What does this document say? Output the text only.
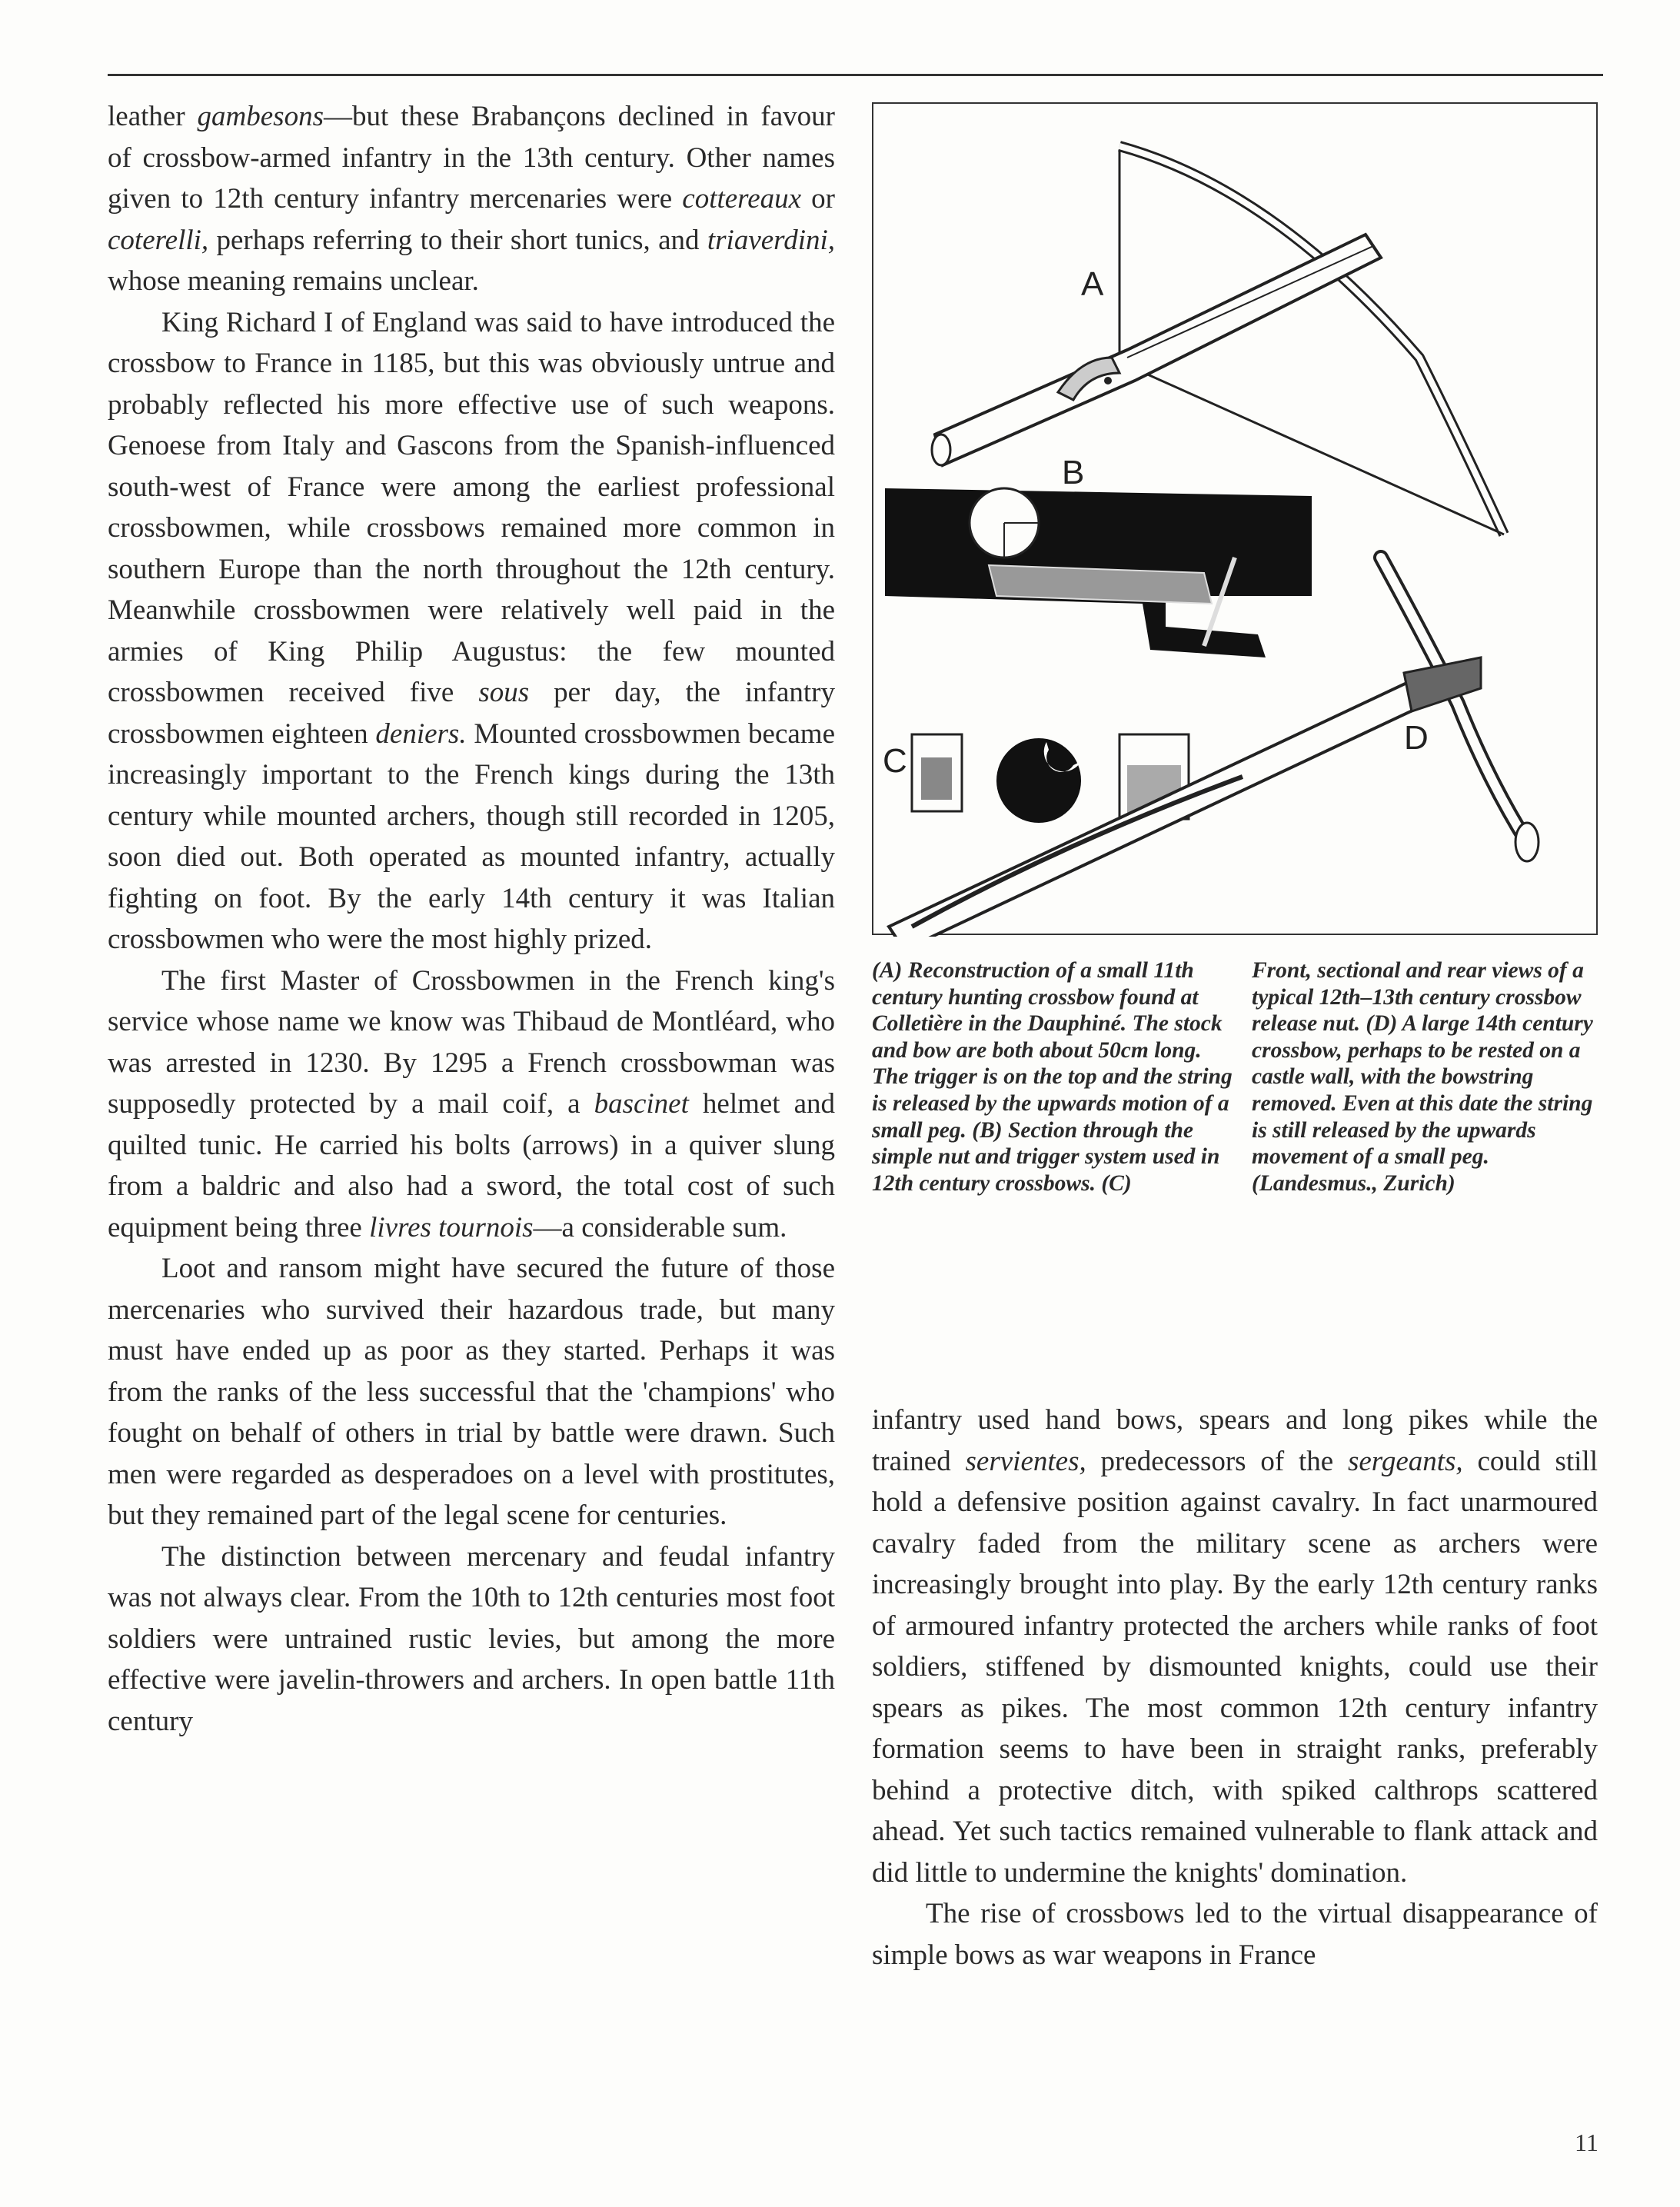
leather gambesons—but these Brabançons declined in favour of crossbow-armed infantry in the 13th century. Other names given to 12th century infantry mercenaries were cottereaux or coterelli, perhaps referring to their short tunics, and triaverdini, whose meaning remains unclear.

King Richard I of England was said to have introduced the crossbow to France in 1185, but this was obviously untrue and probably reflected his more effective use of such weapons. Genoese from Italy and Gascons from the Spanish-influenced south-west of France were among the earliest professional crossbowmen, while crossbows remained more common in southern Europe than the north throughout the 12th century. Meanwhile crossbowmen were relatively well paid in the armies of King Philip Augustus: the few mounted crossbowmen received five sous per day, the infantry crossbowmen eighteen deniers. Mounted crossbowmen became increasingly important to the French kings during the 13th century while mounted archers, though still recorded in 1205, soon died out. Both operated as mounted infantry, actually fighting on foot. By the early 14th century it was Italian crossbowmen who were the most highly prized.

The first Master of Crossbowmen in the French king's service whose name we know was Thibaud de Montléard, who was arrested in 1230. By 1295 a French crossbowman was supposedly protected by a mail coif, a bascinet helmet and quilted tunic. He carried his bolts (arrows) in a quiver slung from a baldric and also had a sword, the total cost of such equipment being three livres tournois—a considerable sum.

Loot and ransom might have secured the future of those mercenaries who survived their hazardous trade, but many must have ended up as poor as they started. Perhaps it was from the ranks of the less successful that the 'champions' who fought on behalf of others in trial by battle were drawn. Such men were regarded as desperadoes on a level with prostitutes, but they remained part of the legal scene for centuries.

The distinction between mercenary and feudal infantry was not always clear. From the 10th to 12th centuries most foot soldiers were untrained rustic levies, but among the more effective were javelin-throwers and archers. In open battle 11th century

A
B
C
D
(A) Reconstruction of a small 11th century hunting crossbow found at Colletière in the Dauphiné. The stock and bow are both about 50cm long. The trigger is on the top and the string is released by the upwards motion of a small peg. (B) Section through the simple nut and trigger system used in 12th century crossbows. (C)
Front, sectional and rear views of a typical 12th–13th century crossbow release nut. (D) A large 14th century crossbow, perhaps to be rested on a castle wall, with the bowstring removed. Even at this date the string is still released by the upwards movement of a small peg. (Landesmus., Zurich)

infantry used hand bows, spears and long pikes while the trained servientes, predecessors of the sergeants, could still hold a defensive position against cavalry. In fact unarmoured cavalry faded from the military scene as archers were increasingly brought into play. By the early 12th century ranks of armoured infantry protected the archers while ranks of foot soldiers, stiffened by dismounted knights, could use their spears as pikes. The most common 12th century infantry formation seems to have been in straight ranks, preferably behind a protective ditch, with spiked calthrops scattered ahead. Yet such tactics remained vulnerable to flank attack and did little to undermine the knights' domination.

The rise of crossbows led to the virtual disappearance of simple bows as war weapons in France

11
